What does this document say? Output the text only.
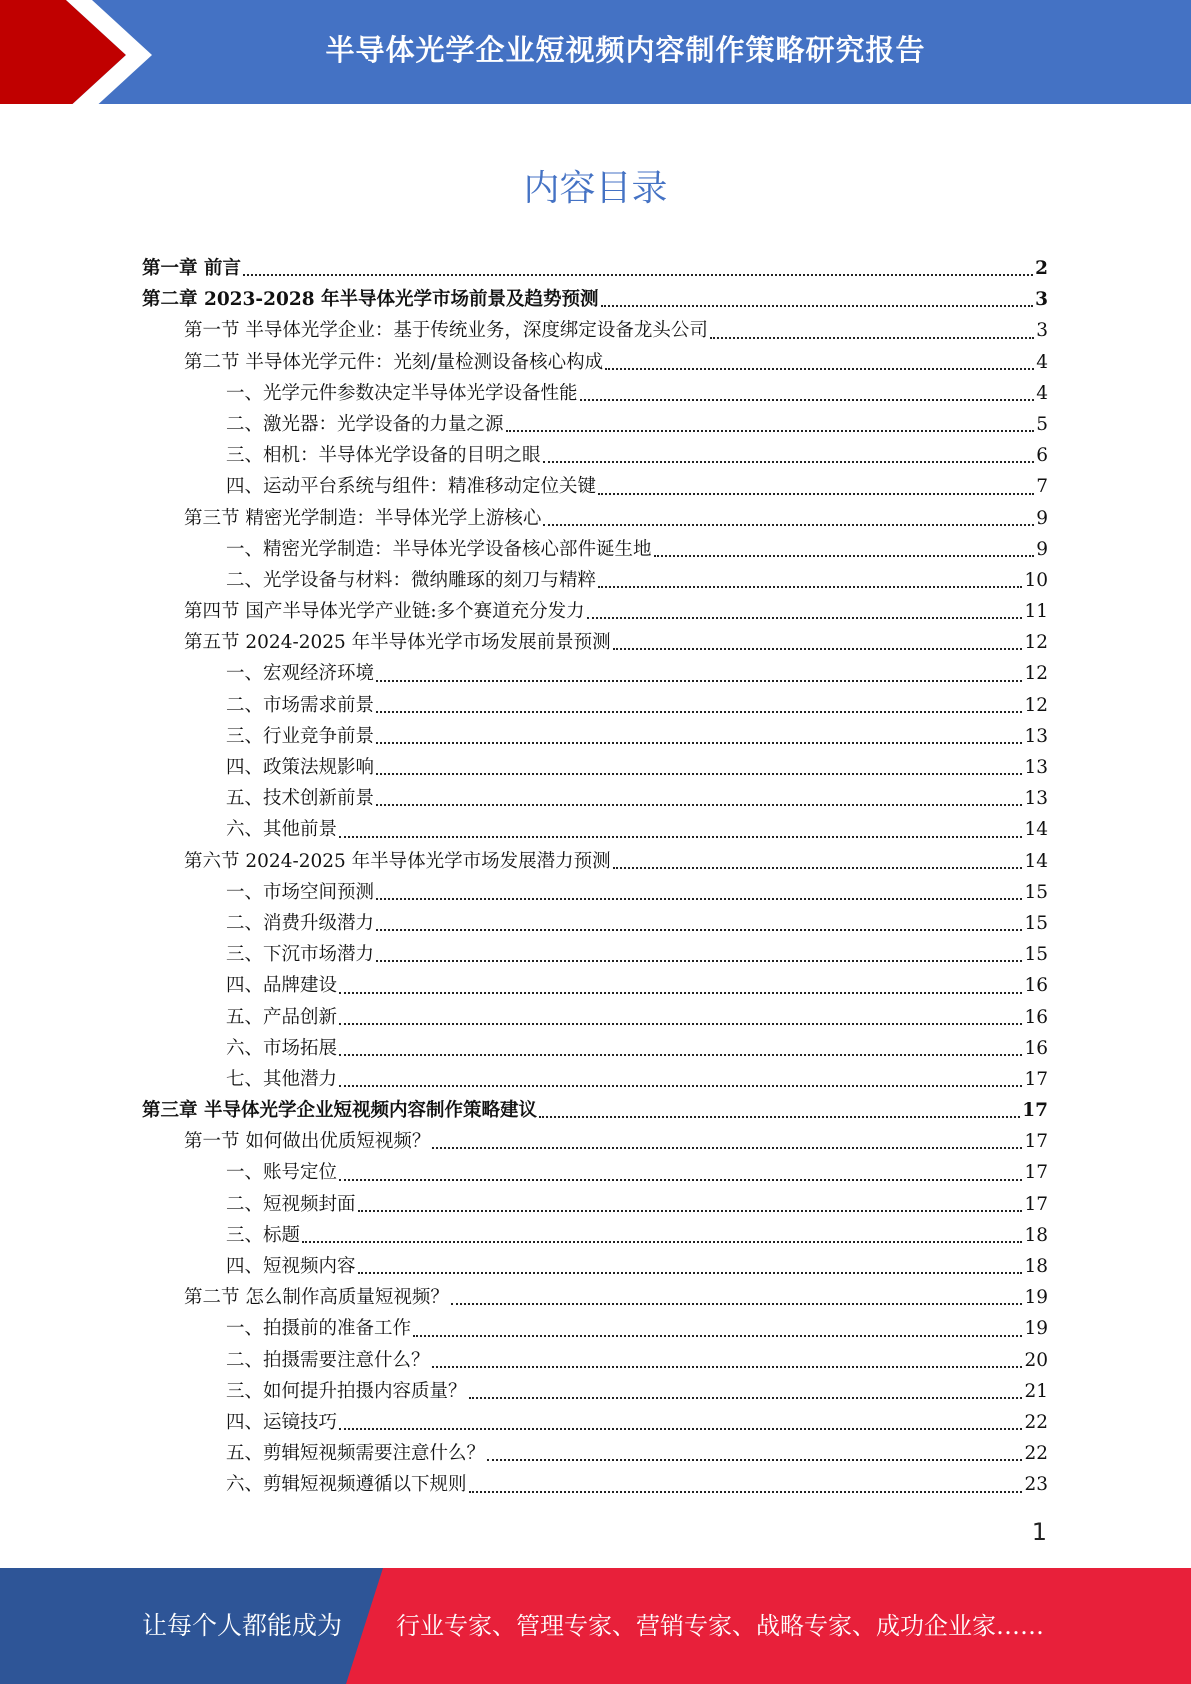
半导体光学企业短视频内容制作策略研究报告
内容目录
第一章 前言	2
第二章 2023-2028 年半导体光学市场前景及趋势预测	3
第一节 半导体光学企业：基于传统业务，深度绑定设备龙头公司	3
第二节 半导体光学元件：光刻/量检测设备核心构成	4
一、光学元件参数决定半导体光学设备性能	4
二、激光器：光学设备的力量之源	5
三、相机：半导体光学设备的目明之眼	6
四、运动平台系统与组件：精准移动定位关键	7
第三节 精密光学制造：半导体光学上游核心	9
一、精密光学制造：半导体光学设备核心部件诞生地	9
二、光学设备与材料：微纳雕琢的刻刀与精粹	10
第四节 国产半导体光学产业链:多个赛道充分发力	11
第五节 2024-2025 年半导体光学市场发展前景预测	12
一、宏观经济环境	12
二、市场需求前景	12
三、行业竞争前景	13
四、政策法规影响	13
五、技术创新前景	13
六、其他前景	14
第六节 2024-2025 年半导体光学市场发展潜力预测	14
一、市场空间预测	15
二、消费升级潜力	15
三、下沉市场潜力	15
四、品牌建设	16
五、产品创新	16
六、市场拓展	16
七、其他潜力	17
第三章 半导体光学企业短视频内容制作策略建议	17
第一节 如何做出优质短视频？	17
一、账号定位	17
二、短视频封面	17
三、标题	18
四、短视频内容	18
第二节 怎么制作高质量短视频？	19
一、拍摄前的准备工作	19
二、拍摄需要注意什么？	20
三、如何提升拍摄内容质量？	21
四、运镜技巧	22
五、剪辑短视频需要注意什么？	22
六、剪辑短视频遵循以下规则	23
1
让每个人都能成为 行业专家、管理专家、营销专家、战略专家、成功企业家……
